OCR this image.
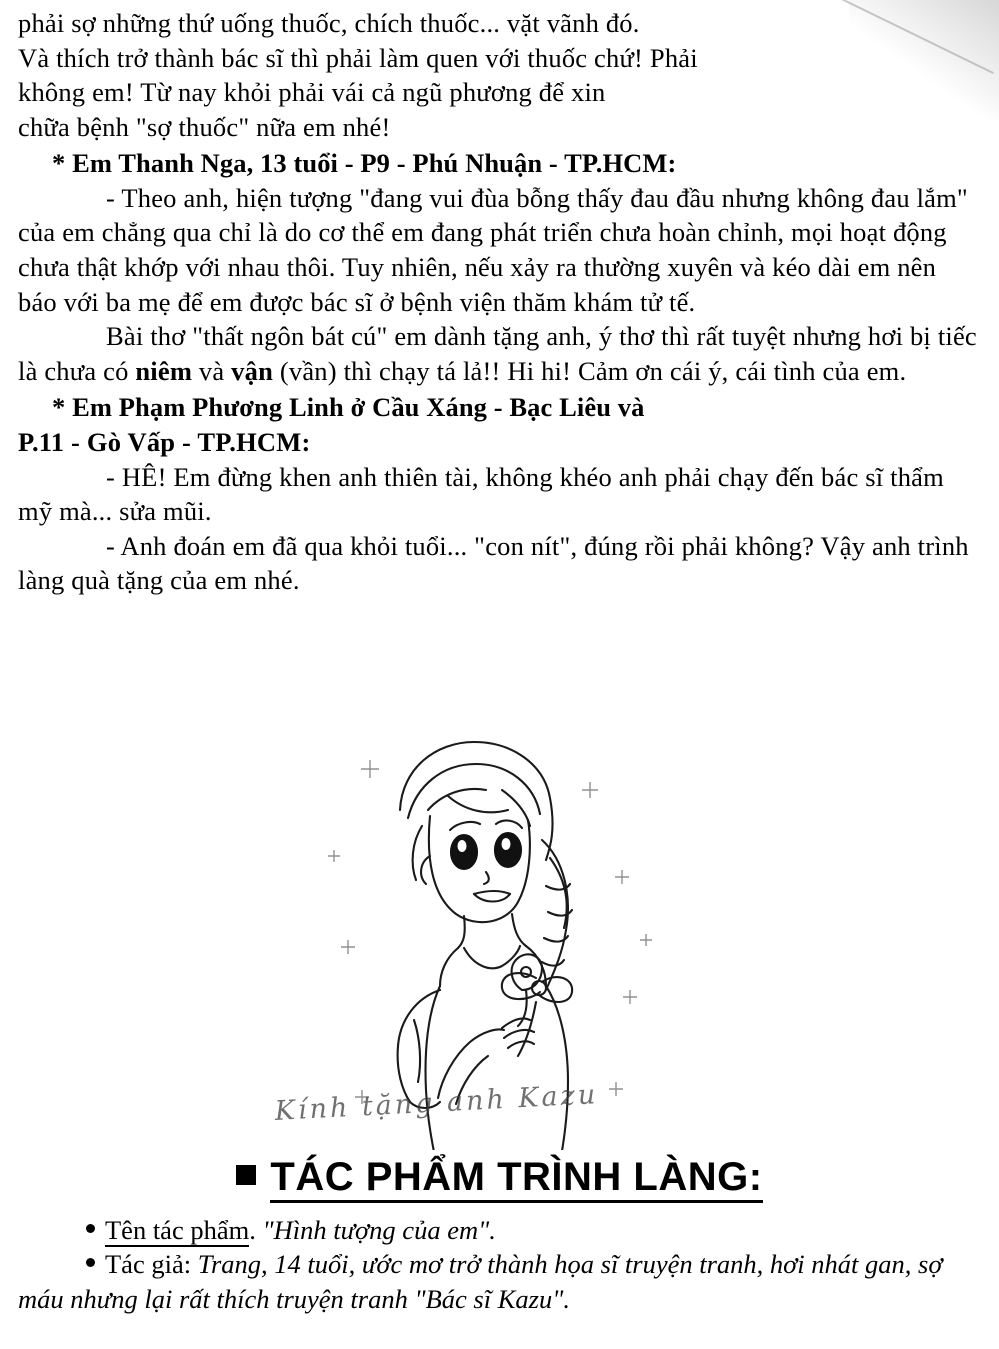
phải sợ những thứ uống thuốc, chích thuốc... vặt vãnh đó.

Và thích trở thành bác sĩ thì phải làm quen với thuốc chứ! Phải

không em! Từ nay khỏi phải vái cả ngũ phương để xin

chữa bệnh "sợ thuốc" nữa em nhé!

* Em Thanh Nga, 13 tuổi - P9 - Phú Nhuận - TP.HCM:

- Theo anh, hiện tượng "đang vui đùa bỗng thấy đau đầu nhưng không đau lắm" của em chẳng qua chỉ là do cơ thể em đang phát triển chưa hoàn chỉnh, mọi hoạt động chưa thật khớp với nhau thôi. Tuy nhiên, nếu xảy ra thường xuyên và kéo dài em nên báo với ba mẹ để em được bác sĩ ở bệnh viện thăm khám tử tế.

Bài thơ "thất ngôn bát cú" em dành tặng anh, ý thơ thì rất tuyệt nhưng hơi bị tiếc là chưa có niêm và vận (vần) thì chạy tá lả!! Hi hi! Cảm ơn cái ý, cái tình của em.

* Em Phạm Phương Linh ở Cầu Xáng - Bạc Liêu và

P.11 - Gò Vấp - TP.HCM:

- HÊ! Em đừng khen anh thiên tài, không khéo anh phải chạy đến bác sĩ thẩm mỹ mà... sửa mũi.

- Anh đoán em đã qua khỏi tuổi... "con nít", đúng rồi phải không? Vậy anh trình làng quà tặng của em nhé.

Kính tặng anh Kazu
TÁC PHẨM TRÌNH LÀNG:

Tên tác phẩm. "Hình tượng của em".

Tác giả: Trang, 14 tuổi, ước mơ trở thành họa sĩ truyện tranh, hơi nhát gan, sợ máu nhưng lại rất thích truyện tranh "Bác sĩ Kazu".
